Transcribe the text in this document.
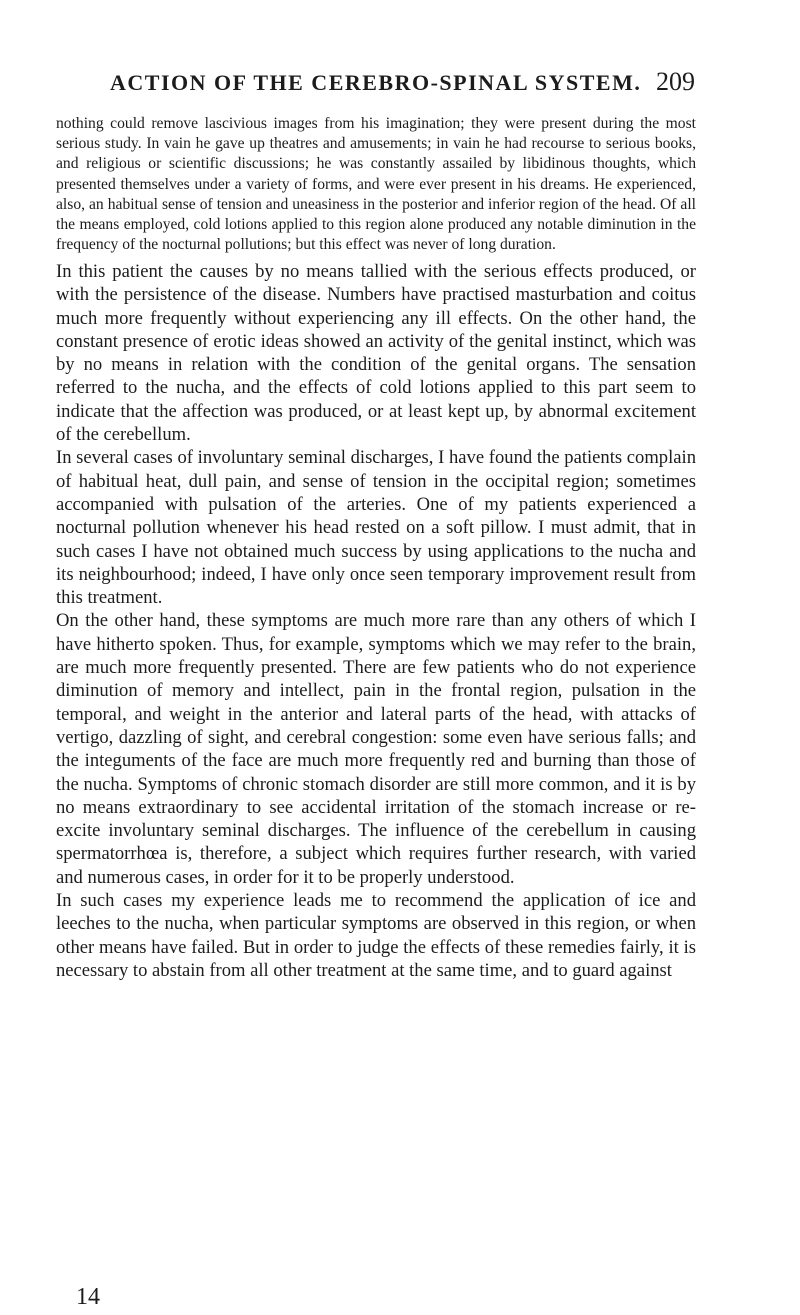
ACTION OF THE CEREBRO-SPINAL SYSTEM. 209

nothing could remove lascivious images from his imagination; they were present during the most serious study. In vain he gave up theatres and amusements; in vain he had recourse to serious books, and religious or scientific discussions; he was constantly assailed by libidinous thoughts, which presented themselves under a variety of forms, and were ever present in his dreams. He experienced, also, an habitual sense of tension and uneasiness in the posterior and inferior region of the head. Of all the means employed, cold lotions applied to this region alone produced any notable diminution in the frequency of the nocturnal pollutions; but this effect was never of long duration.

In this patient the causes by no means tallied with the serious effects produced, or with the persistence of the disease. Numbers have practised masturbation and coitus much more frequently without experiencing any ill effects. On the other hand, the constant presence of erotic ideas showed an activity of the genital instinct, which was by no means in relation with the condition of the genital organs. The sensation referred to the nucha, and the effects of cold lotions applied to this part seem to indicate that the affection was produced, or at least kept up, by abnormal excitement of the cerebellum.

In several cases of involuntary seminal discharges, I have found the patients complain of habitual heat, dull pain, and sense of tension in the occipital region; sometimes accompanied with pulsation of the arteries. One of my patients experienced a nocturnal pollution whenever his head rested on a soft pillow. I must admit, that in such cases I have not obtained much success by using applications to the nucha and its neighbourhood; indeed, I have only once seen temporary improvement result from this treatment.

On the other hand, these symptoms are much more rare than any others of which I have hitherto spoken. Thus, for example, symptoms which we may refer to the brain, are much more frequently presented. There are few patients who do not experience diminution of memory and intellect, pain in the frontal region, pulsation in the temporal, and weight in the anterior and lateral parts of the head, with attacks of vertigo, dazzling of sight, and cerebral congestion: some even have serious falls; and the integuments of the face are much more frequently red and burning than those of the nucha. Symptoms of chronic stomach disorder are still more common, and it is by no means extraordinary to see accidental irritation of the stomach increase or re-excite involuntary seminal discharges. The influence of the cerebellum in causing spermatorrhœa is, therefore, a subject which requires further research, with varied and numerous cases, in order for it to be properly understood.

In such cases my experience leads me to recommend the application of ice and leeches to the nucha, when particular symptoms are observed in this region, or when other means have failed. But in order to judge the effects of these remedies fairly, it is necessary to abstain from all other treatment at the same time, and to guard against

14
